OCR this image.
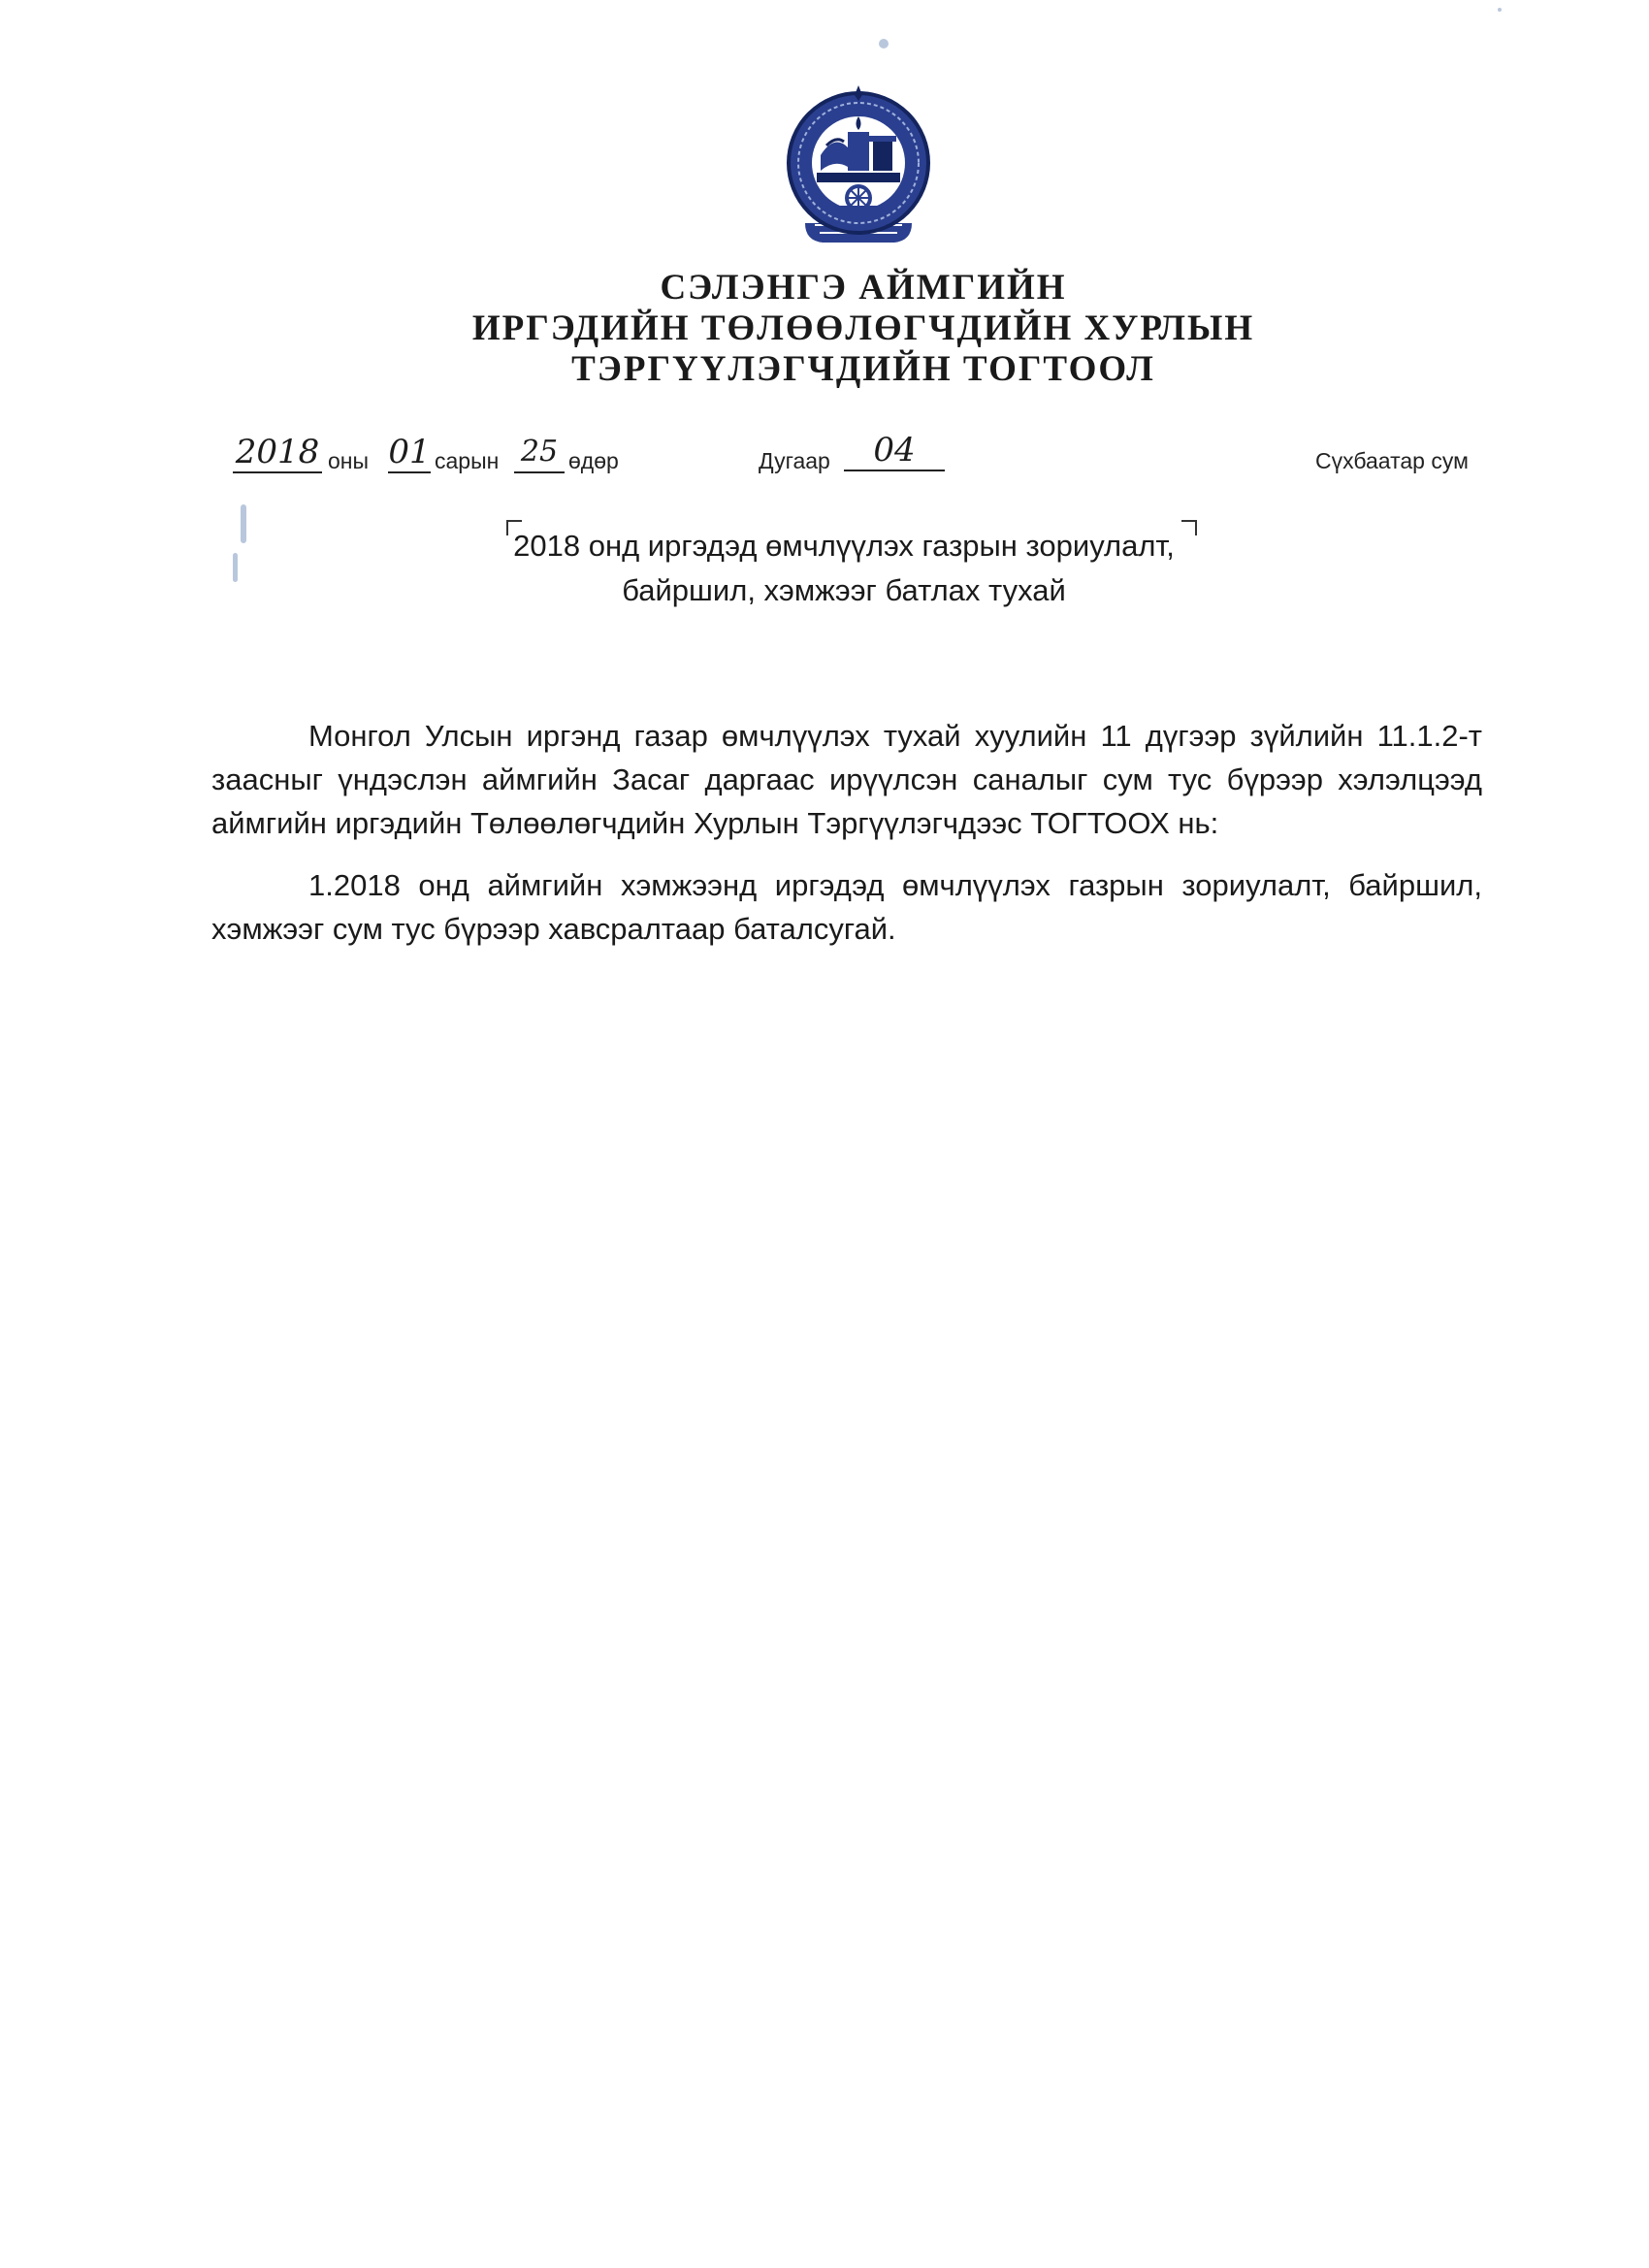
СЭЛЭНГЭ АЙМГИЙН
ИРГЭДИЙН ТӨЛӨӨЛӨГЧДИЙН ХУРЛЫН
ТЭРГҮҮЛЭГЧДИЙН ТОГТООЛ
2018 оны 01 сарын 25 өдөр	Дугаар	04	Сүхбаатар сум
2018 онд иргэдэд өмчлүүлэх газрын зориулалт,
байршил, хэмжээг батлах тухай
Монгол Улсын иргэнд газар өмчлүүлэх тухай хуулийн 11 дүгээр зүйлийн 11.1.2-т заасныг үндэслэн аймгийн Засаг даргаас ирүүлсэн саналыг сум тус бүрээр хэлэлцээд аймгийн иргэдийн Төлөөлөгчдийн Хурлын Тэргүүлэгчдээс ТОГТООХ нь:
1.2018 онд аймгийн хэмжээнд иргэдэд өмчлүүлэх газрын зориулалт, байршил, хэмжээг сум тус бүрээр хавсралтаар баталсугай.
